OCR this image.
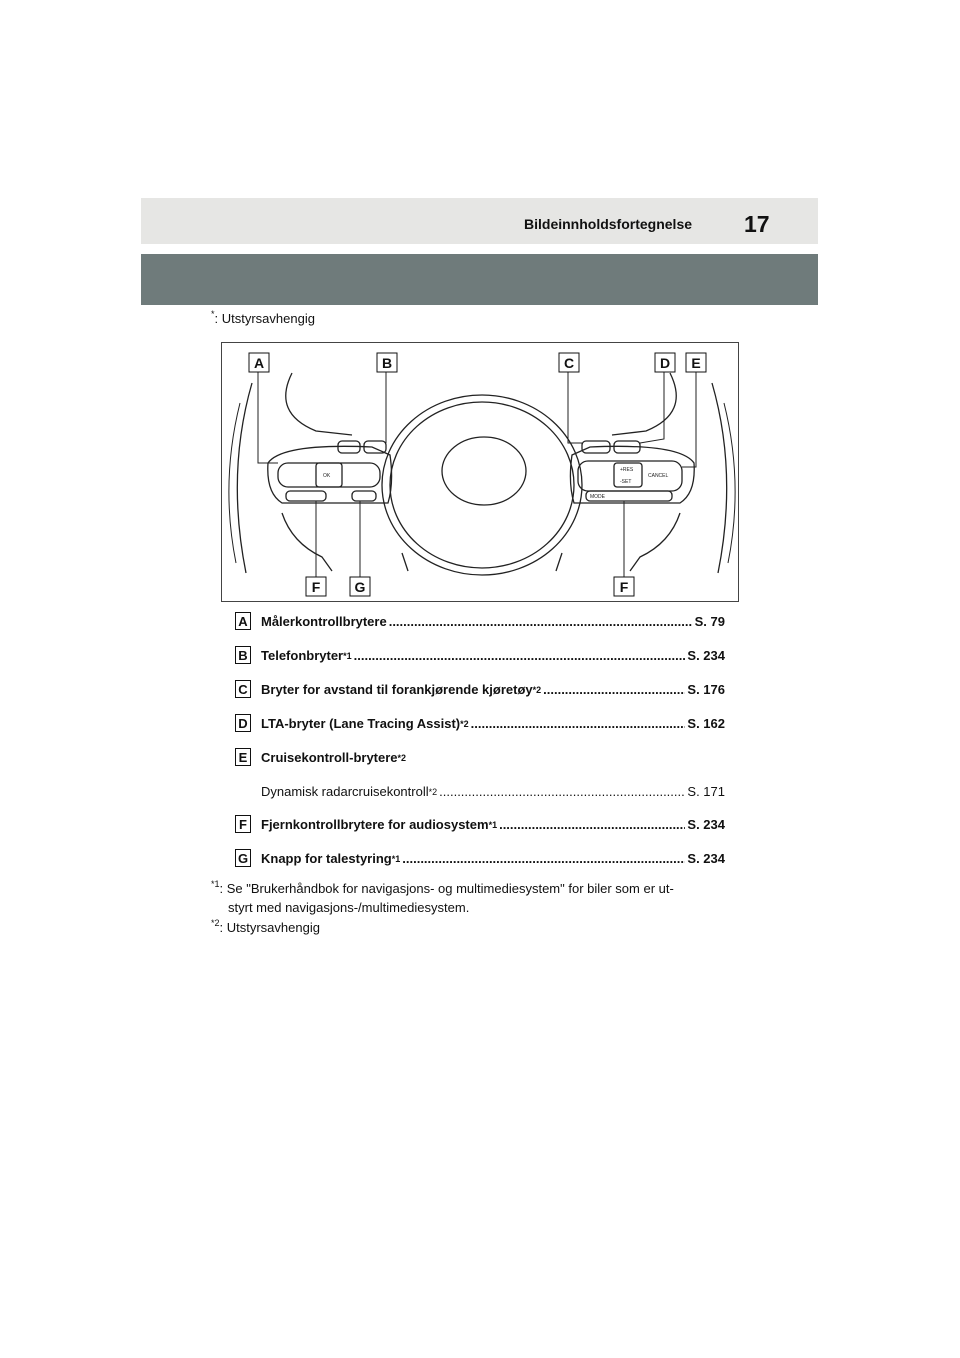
Bildeinnholdsfortegnelse 17
*: Utstyrsavhengig
OK	CANCEL
MODE
+RES
-SET
A	B	C	D E
F G	F
A Målerkontrollbrytere .....	S. 79
B Telefonbryter$^{*1}$ .....	S. 234
C Bryter for avstand til forankjørende kjøretøy$^{*2}$ .....	S. 176
D LTA-bryter (Lane Tracing Assist)$^{*2}$ .....	S. 162
E Cruisekontroll-brytere$^{*2}$
Dynamisk radarcruisekontroll$^{*2}$ .....	S. 171
F	Fjernkontrollbrytere for audiosystem$^{*1}$ .....	S. 234
G Knapp for talestyring$^{*1}$ .....	S. 234
$^{*1}$: Se "Brukerhåndbok for navigasjons- og multimediesystem" for biler som er ut-
styrt med navigasjons-/multimediesystem.
$^{*2}$: Utstyrsavhengig
